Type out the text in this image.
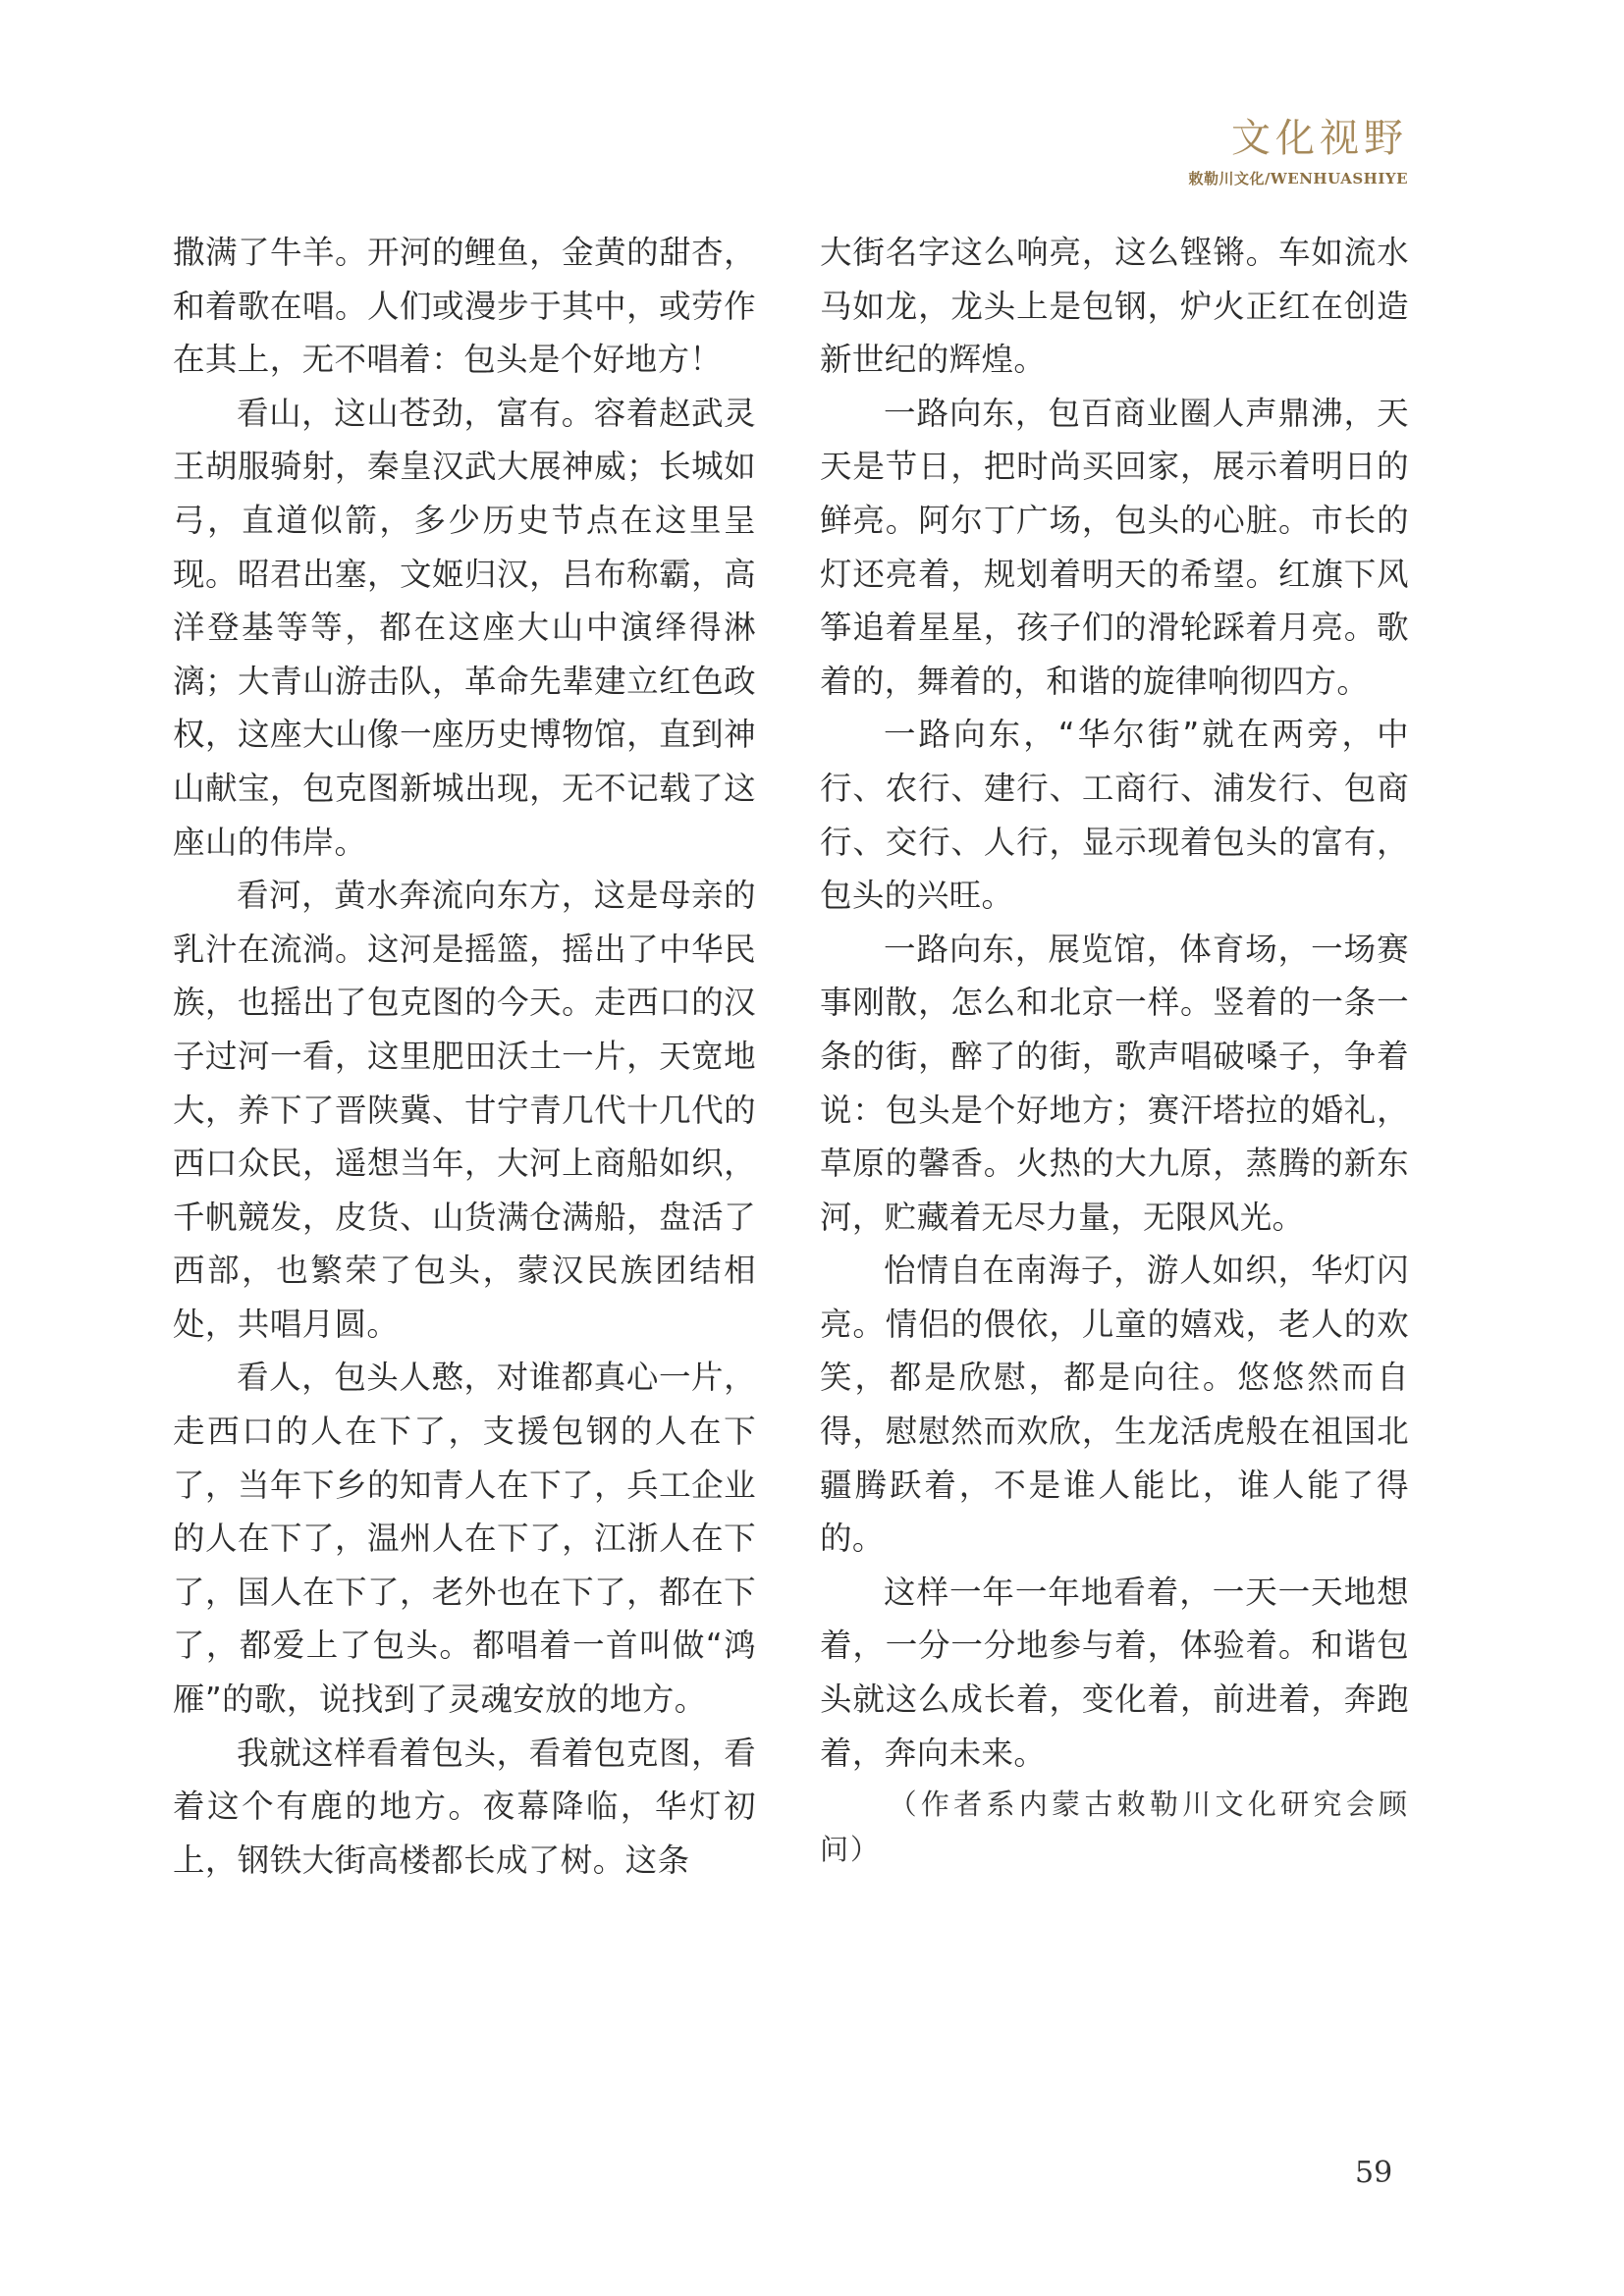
文化视野
敕勒川文化/WENHUASHIYE

撒满了牛羊。开河的鲤鱼，金黄的甜杏，和着歌在唱。人们或漫步于其中，或劳作在其上，无不唱着：包头是个好地方！

看山，这山苍劲，富有。容着赵武灵王胡服骑射，秦皇汉武大展神威；长城如弓，直道似箭，多少历史节点在这里呈现。昭君出塞，文姬归汉，吕布称霸，高洋登基等等，都在这座大山中演绎得淋漓；大青山游击队，革命先辈建立红色政权，这座大山像一座历史博物馆，直到神山献宝，包克图新城出现，无不记载了这座山的伟岸。

看河，黄水奔流向东方，这是母亲的乳汁在流淌。这河是摇篮，摇出了中华民族，也摇出了包克图的今天。走西口的汉子过河一看，这里肥田沃土一片，天宽地大，养下了晋陕冀、甘宁青几代十几代的西口众民，遥想当年，大河上商船如织，千帆競发，皮货、山货满仓满船，盘活了西部，也繁荣了包头，蒙汉民族团结相处，共唱月圆。

看人，包头人憨，对谁都真心一片，走西口的人在下了，支援包钢的人在下了，当年下乡的知青人在下了，兵工企业的人在下了，温州人在下了，江浙人在下了，国人在下了，老外也在下了，都在下了，都爱上了包头。都唱着一首叫做“鸿雁”的歌，说找到了灵魂安放的地方。

我就这样看着包头，看着包克图，看着这个有鹿的地方。夜幕降临，华灯初上，钢铁大街高楼都长成了树。这条

大街名字这么响亮，这么铿锵。车如流水马如龙，龙头上是包钢，炉火正红在创造新世纪的辉煌。

一路向东，包百商业圈人声鼎沸，天天是节日，把时尚买回家，展示着明日的鲜亮。阿尔丁广场，包头的心脏。市长的灯还亮着，规划着明天的希望。红旗下风筝追着星星，孩子们的滑轮踩着月亮。歌着的，舞着的，和谐的旋律响彻四方。

一路向东，“华尔街”就在两旁，中行、农行、建行、工商行、浦发行、包商行、交行、人行，显示现着包头的富有，包头的兴旺。

一路向东，展览馆，体育场，一场赛事刚散，怎么和北京一样。竖着的一条一条的街，醉了的街，歌声唱破嗓子，争着说：包头是个好地方；赛汗塔拉的婚礼，草原的馨香。火热的大九原，蒸腾的新东河，贮藏着无尽力量，无限风光。

怡情自在南海子，游人如织，华灯闪亮。情侣的偎依，儿童的嬉戏，老人的欢笑，都是欣慰，都是向往。悠悠然而自得，慰慰然而欢欣，生龙活虎般在祖国北疆腾跃着，不是谁人能比，谁人能了得的。

这样一年一年地看着，一天一天地想着，一分一分地参与着，体验着。和谐包头就这么成长着，变化着，前进着，奔跑着，奔向未来。

（作者系内蒙古敕勒川文化研究会顾问）

59
